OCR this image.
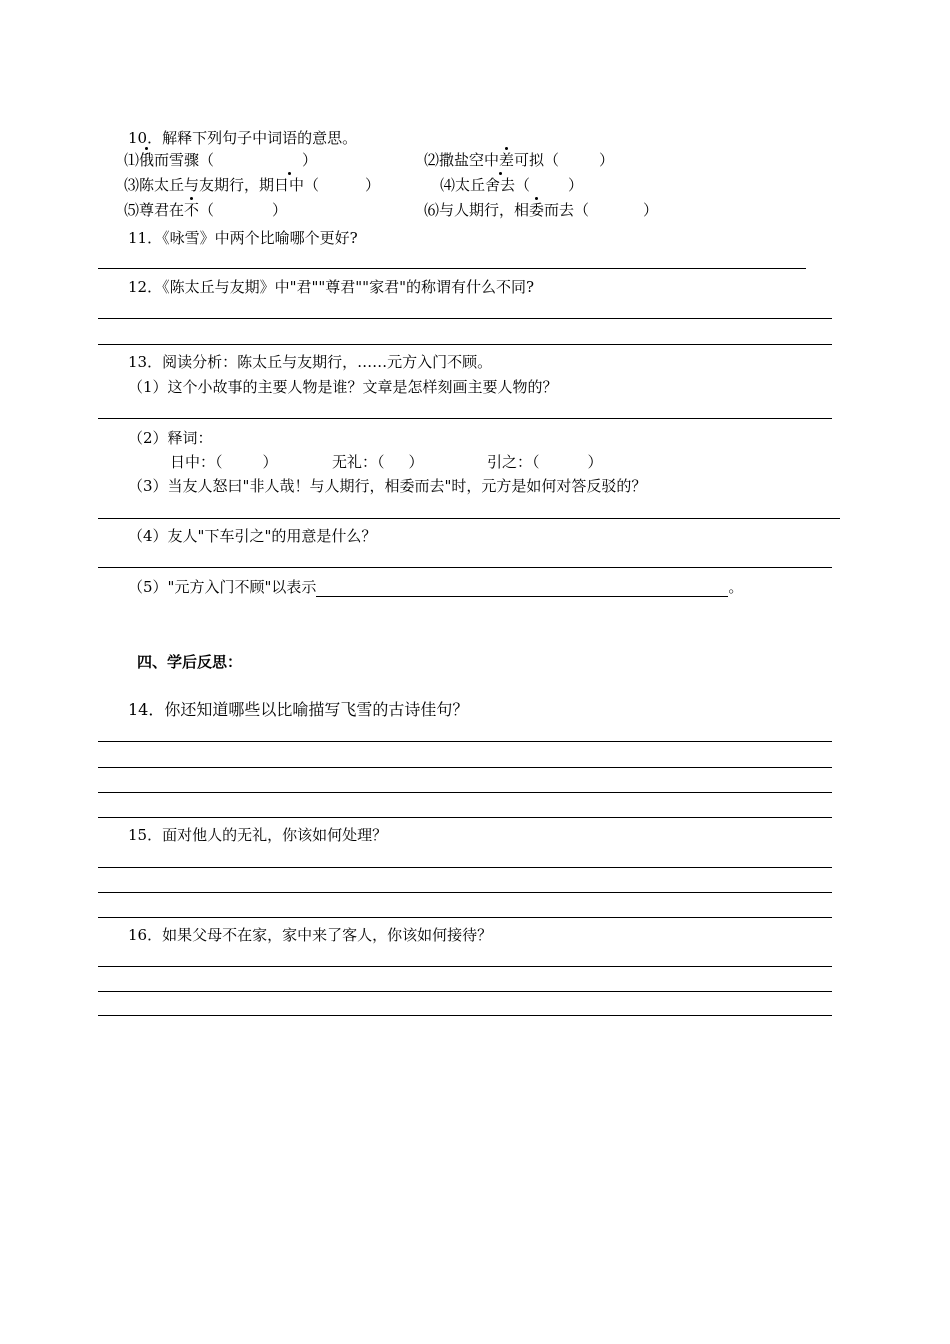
10．解释下列句子中词语的意思。
⑴俄而雪骤（	）	⑵撒盐空中差可拟（	）
⑶陈太丘与友期行，期日中（	）	⑷太丘舍去（	）
⑸尊君在不（	）	⑹与人期行，相委而去（	）
11．《咏雪》中两个比喻哪个更好?
12．《陈太丘与友期》中"君""尊君""家君"的称谓有什么不同?
13．阅读分析：陈太丘与友期行，……元方入门不顾。
（1）这个小故事的主要人物是谁？文章是怎样刻画主要人物的？
（2）释词：
日中：（	）	无礼：（ ）	引之：（	）
（3）当友人怒曰"非人哉！与人期行，相委而去"时，元方是如何对答反驳的？
（4）友人"下车引之"的用意是什么？
（5）"元方入门不顾"以表示	。
四、学后反思：
14．你还知道哪些以比喻描写飞雪的古诗佳句？
15．面对他人的无礼，你该如何处理？
16．如果父母不在家，家中来了客人，你该如何接待？
